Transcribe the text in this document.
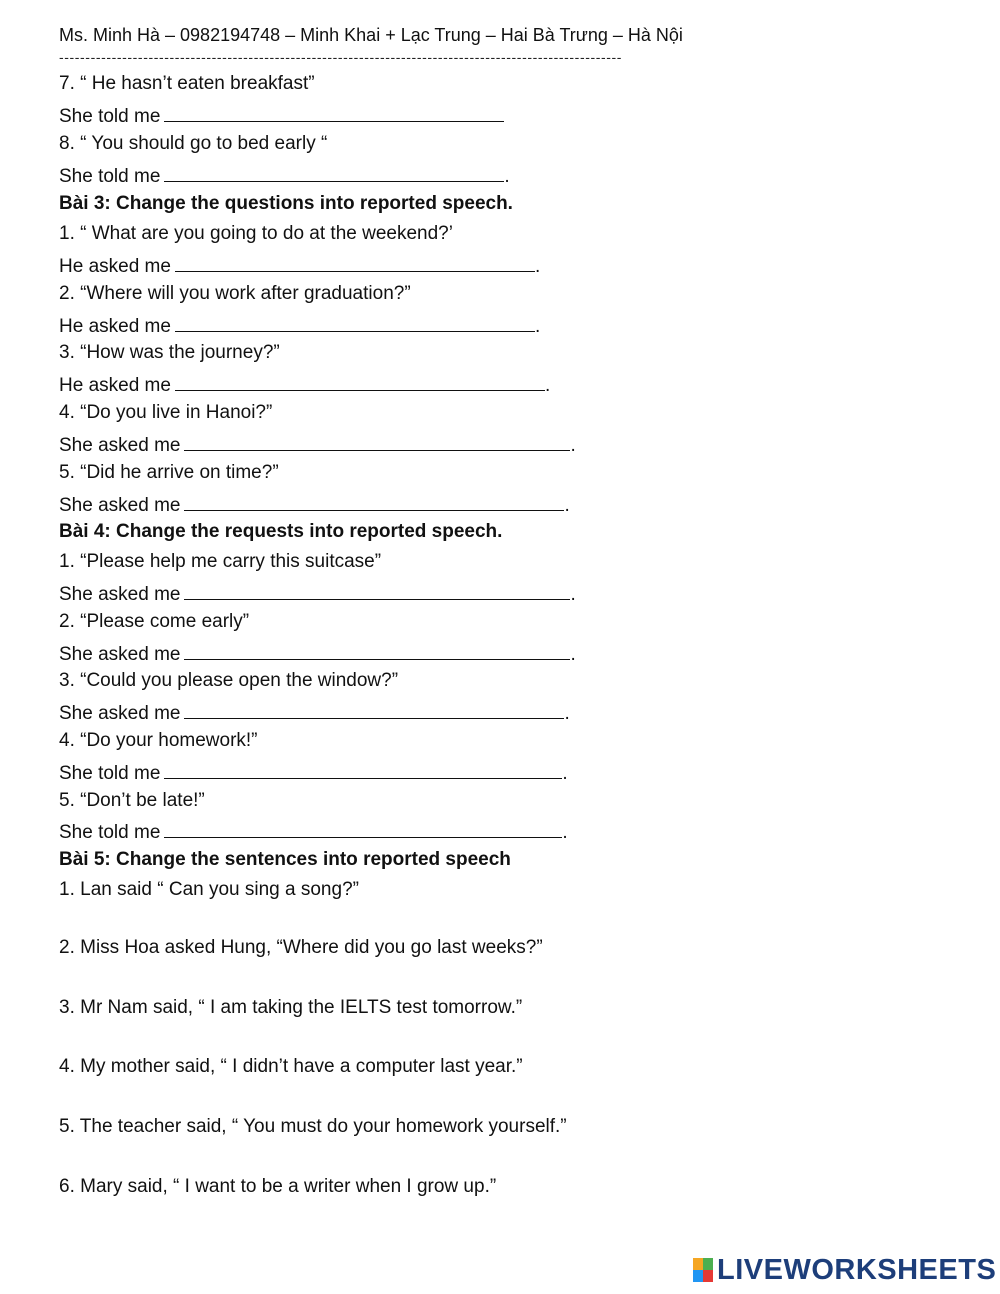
Ms. Minh Hà – 0982194748 – Minh Khai + Lạc Trung – Hai Bà Trưng – Hà Nội
-----------------------------------------------------------------------------------------------------------
7. “ He hasn’t eaten breakfast”
She told me
8. “ You should go to bed early “
She told me	.
Bài 3: Change the questions into reported speech.
1. “ What are you going to do at the weekend?’
He asked me	.
2. “Where will you work after graduation?”
He asked me	.
3. “How was the journey?”
He asked me	.
4. “Do you live in Hanoi?”
She asked me	.
5. “Did he arrive on time?”
She asked me	.
Bài 4: Change the requests into reported speech.
1. “Please help me carry this suitcase”
She asked me	.
2. “Please come early”
She asked me	.
3. “Could you please open the window?”
She asked me	.
4. “Do your homework!”
She told me	.
5. “Don’t be late!”
She told me	.
Bài 5: Change the sentences into reported speech
1. Lan said “ Can you sing a song?”
2. Miss Hoa asked Hung, “Where did you go last weeks?”
3. Mr Nam said, “ I am taking the IELTS test tomorrow.”
4. My mother said, “ I didn’t have a computer last year.”
5. The teacher said, “ You must do your homework yourself.”
6. Mary said, “ I want to be a writer when I grow up.”
LIVEWORKSHEETS
